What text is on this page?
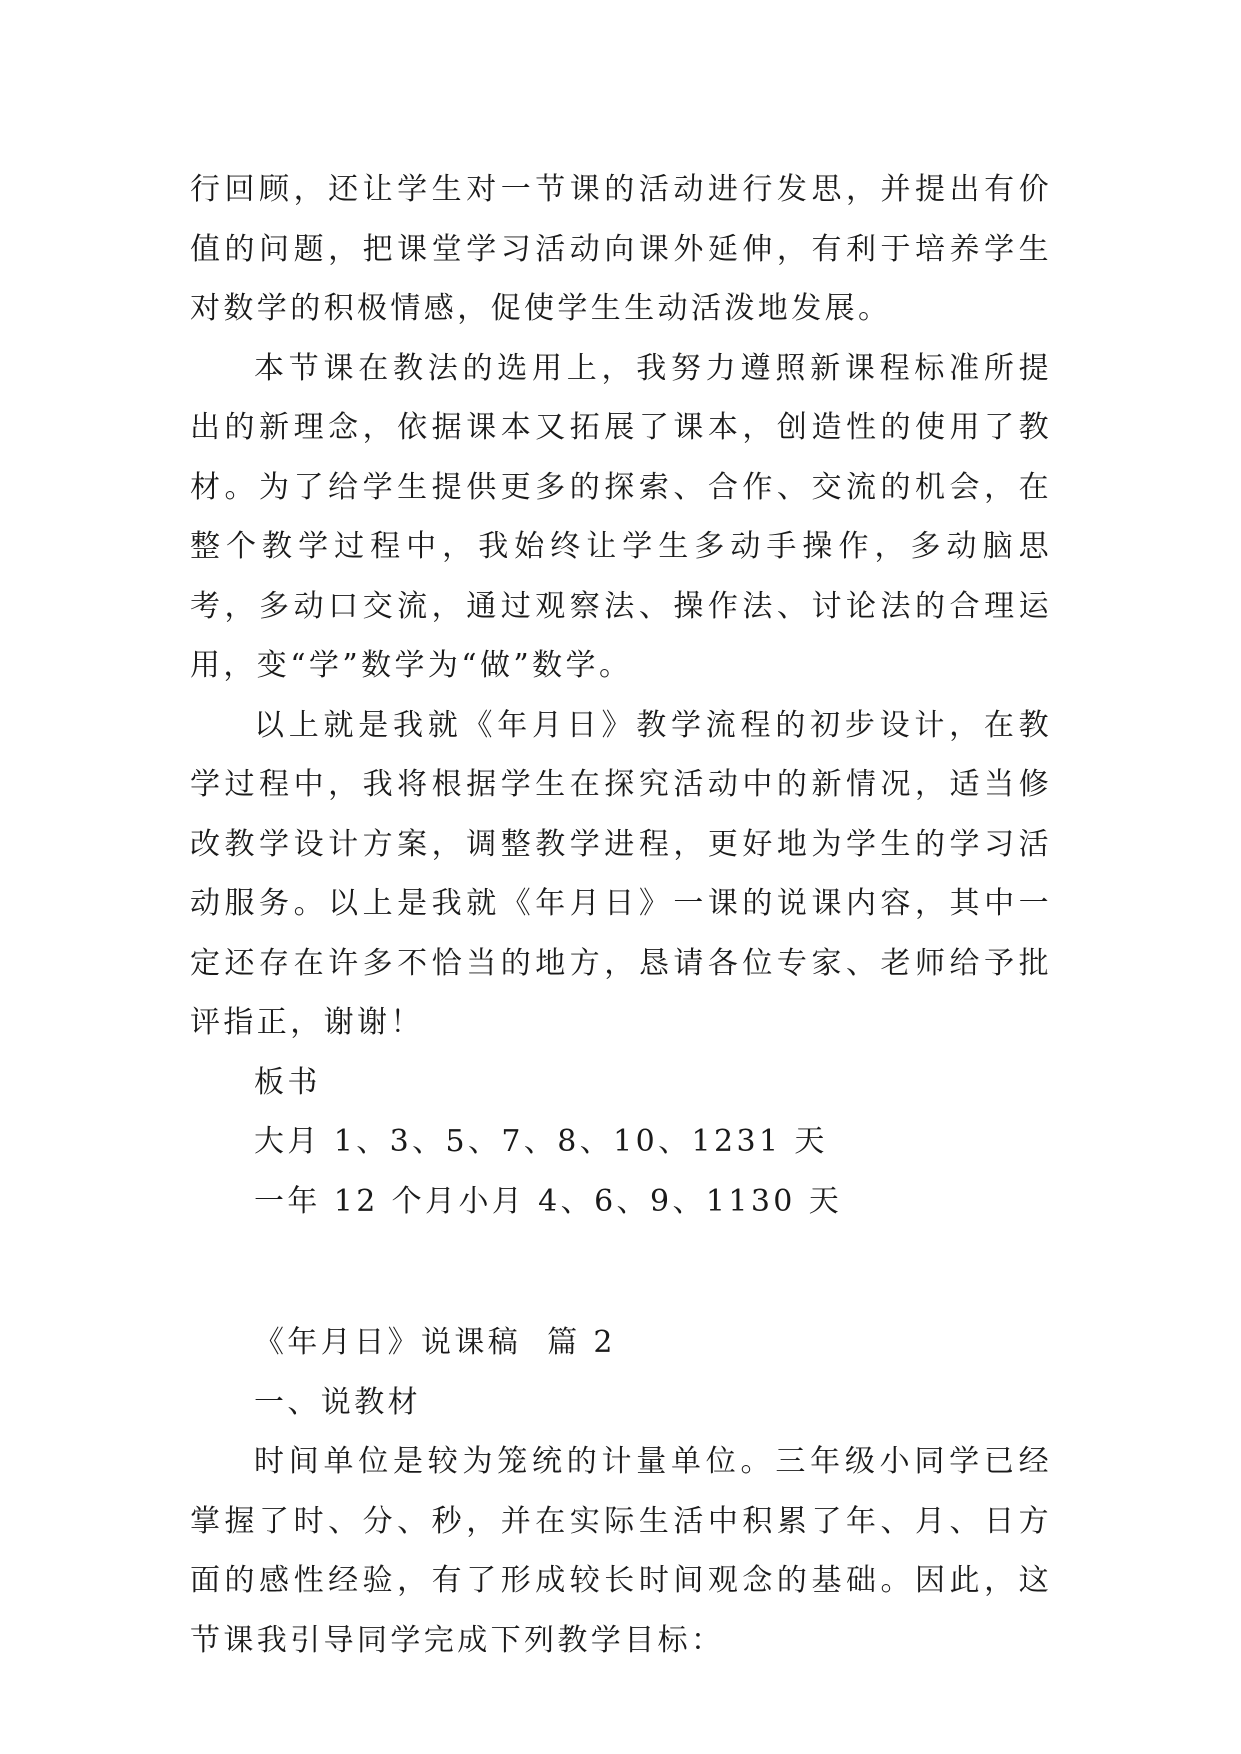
行回顾，还让学生对一节课的活动进行发思，并提出有价值的问题，把课堂学习活动向课外延伸，有利于培养学生对数学的积极情感，促使学生生动活泼地发展。

本节课在教法的选用上，我努力遵照新课程标准所提出的新理念，依据课本又拓展了课本，创造性的使用了教材。为了给学生提供更多的探索、合作、交流的机会，在整个教学过程中，我始终让学生多动手操作，多动脑思考，多动口交流，通过观察法、操作法、讨论法的合理运用，变“学”数学为“做”数学。

以上就是我就《年月日》教学流程的初步设计，在教学过程中，我将根据学生在探究活动中的新情况，适当修改教学设计方案，调整教学进程，更好地为学生的学习活动服务。以上是我就《年月日》一课的说课内容，其中一定还存在许多不恰当的地方，恳请各位专家、老师给予批评指正，谢谢！

板书

大月 1、3、5、7、8、10、1231 天

一年 12 个月小月 4、6、9、1130 天

《年月日》说课稿  篇 2

一、说教材

时间单位是较为笼统的计量单位。三年级小同学已经掌握了时、分、秒，并在实际生活中积累了年、月、日方面的感性经验，有了形成较长时间观念的基础。因此，这节课我引导同学完成下列教学目标：
